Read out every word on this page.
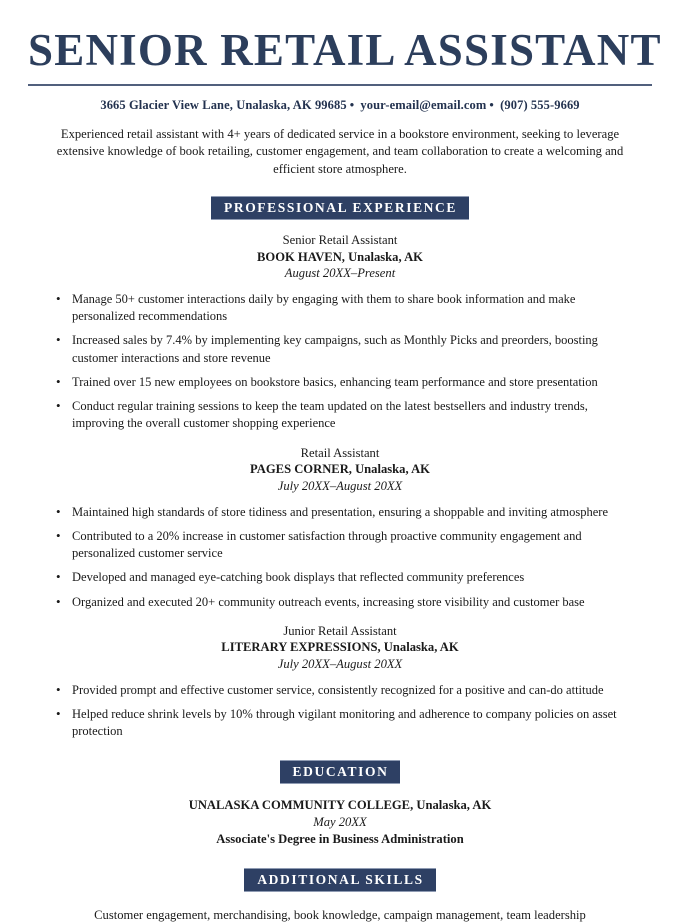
SENIOR RETAIL ASSISTANT
3665 Glacier View Lane, Unalaska, AK 99685 • your-email@email.com • (907) 555-9669

Experienced retail assistant with 4+ years of dedicated service in a bookstore environment, seeking to leverage extensive knowledge of book retailing, customer engagement, and team collaboration to create a welcoming and efficient store atmosphere.

PROFESSIONAL EXPERIENCE
Senior Retail Assistant
BOOK HAVEN, Unalaska, AK
August 20XX–Present
• Manage 50+ customer interactions daily by engaging with them to share book information and make personalized recommendations
• Increased sales by 7.4% by implementing key campaigns, such as Monthly Picks and preorders, boosting customer interactions and store revenue
• Trained over 15 new employees on bookstore basics, enhancing team performance and store presentation
• Conduct regular training sessions to keep the team updated on the latest bestsellers and industry trends, improving the overall customer shopping experience
Retail Assistant
PAGES CORNER, Unalaska, AK
July 20XX–August 20XX
• Maintained high standards of store tidiness and presentation, ensuring a shoppable and inviting atmosphere
• Contributed to a 20% increase in customer satisfaction through proactive community engagement and personalized customer service
• Developed and managed eye-catching book displays that reflected community preferences
• Organized and executed 20+ community outreach events, increasing store visibility and customer base
Junior Retail Assistant
LITERARY EXPRESSIONS, Unalaska, AK
July 20XX–August 20XX
• Provided prompt and effective customer service, consistently recognized for a positive and can-do attitude
• Helped reduce shrink levels by 10% through vigilant monitoring and adherence to company policies on asset protection
EDUCATION
UNALASKA COMMUNITY COLLEGE, Unalaska, AK
May 20XX
Associate's Degree in Business Administration
ADDITIONAL SKILLS
Customer engagement, merchandising, book knowledge, campaign management, team leadership
